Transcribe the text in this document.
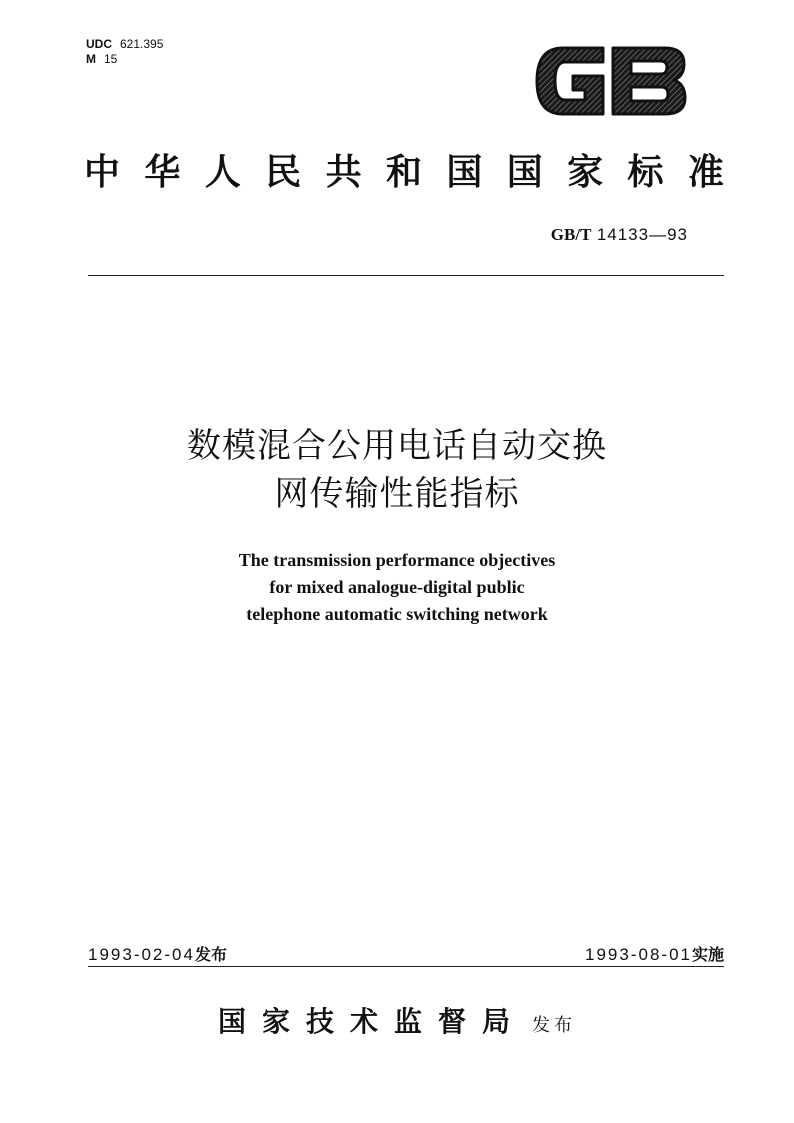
UDC 621.395
M 15
中 华 人 民 共 和 国 国 家 标 准
GB/T 14133—93
数模混合公用电话自动交换
网传输性能指标
The transmission performance objectives
for mixed analogue-digital public
telephone automatic switching network
1993-02-04发布	1993-08-01实施
国家技术监督局 发布
